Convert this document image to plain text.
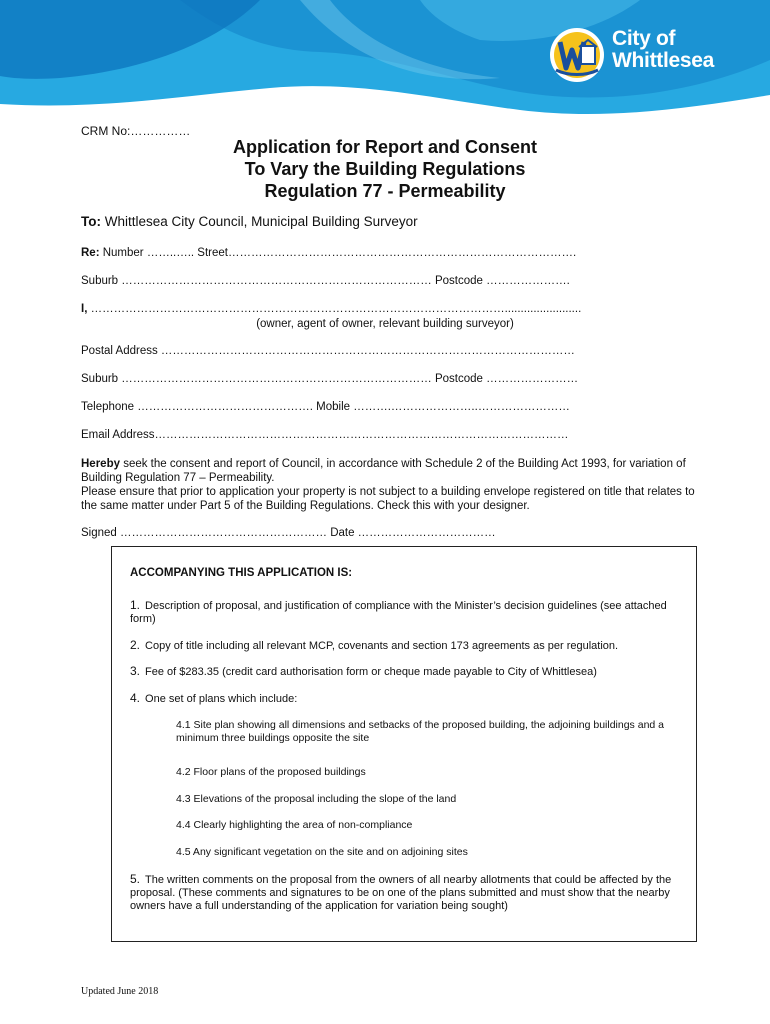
City of
Whittlesea
CRM No:……………
Application for Report and Consent
To Vary the Building Regulations
Regulation 77 - Permeability
To: Whittlesea City Council, Municipal Building Surveyor
Re: Number ……..….. Street……………………………………………………………………………….
Suburb ……………………………………………………………………… Postcode ………………….
I, ………………………………………………………………………………………………........................
(owner, agent of owner, relevant building surveyor)
Postal Address ………………………………………………………………………………………………
Suburb ……………………………………………………………………… Postcode ……………………
Telephone ………………………………………. Mobile ……….…………………..……………………
Email Address………………………………………………………………………………………………
Hereby seek the consent and report of Council, in accordance with Schedule 2 of the Building Act 1993, for variation of Building Regulation 77 – Permeability.
Please ensure that prior to application your property is not subject to a building envelope registered on title that relates to the same matter under Part 5 of the Building Regulations. Check this with your designer.
Signed ……………………………………………… Date ………………………………
ACCOMPANYING THIS APPLICATION IS:
1. Description of proposal, and justification of compliance with the Minister’s decision guidelines (see attached form)
2. Copy of title including all relevant MCP, covenants and section 173 agreements as per regulation.
3. Fee of $283.35 (credit card authorisation form or cheque made payable to City of Whittlesea)
4. One set of plans which include:
4.1 Site plan showing all dimensions and setbacks of the proposed building, the adjoining buildings and a minimum three buildings opposite the site
4.2 Floor plans of the proposed buildings
4.3 Elevations of the proposal including the slope of the land
4.4 Clearly highlighting the area of non-compliance
4.5 Any significant vegetation on the site and on adjoining sites
5. The written comments on the proposal from the owners of all nearby allotments that could be affected by the proposal. (These comments and signatures to be on one of the plans submitted and must show that the nearby owners have a full understanding of the application for variation being sought)
Updated June 2018
